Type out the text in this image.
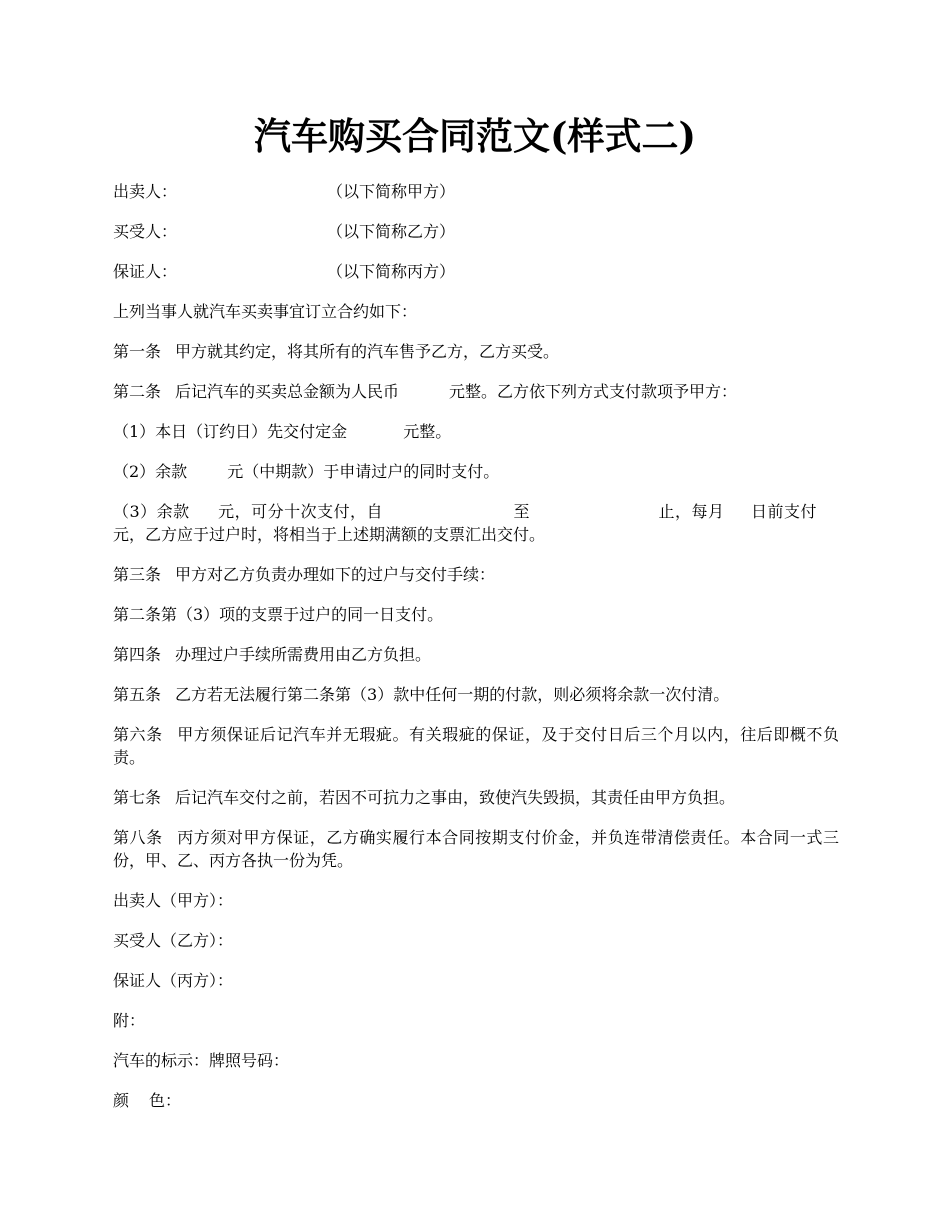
汽车购买合同范文(样式二)
出卖人：	（以下简称甲方）
买受人：	（以下简称乙方）
保证人：	（以下简称丙方）
上列当事人就汽车买卖事宜订立合约如下：
第一条 甲方就其约定，将其所有的汽车售予乙方，乙方买受。
第二条 后记汽车的买卖总金额为人民币	元整。乙方依下列方式支付款项予甲方：
（1）本日（订约日）先交付定金	元整。
（2）余款	元（中期款）于申请过户的同时支付。
（3）余款 元，可分十次支付，自	至	止，每月 日前支付元，乙方应于过户时，将相当于上述期满额的支票汇出交付。
第三条 甲方对乙方负责办理如下的过户与交付手续：
第二条第（3）项的支票于过户的同一日支付。
第四条 办理过户手续所需费用由乙方负担。
第五条 乙方若无法履行第二条第（3）款中任何一期的付款，则必须将余款一次付清。
第六条 甲方须保证后记汽车并无瑕疵。有关瑕疵的保证，及于交付日后三个月以内，往后即概不负责。
第七条 后记汽车交付之前，若因不可抗力之事由，致使汽失毁损，其责任由甲方负担。
第八条 丙方须对甲方保证，乙方确实履行本合同按期支付价金，并负连带清偿责任。本合同一式三份，甲、乙、丙方各执一份为凭。
出卖人（甲方）：
买受人（乙方）：
保证人（丙方）：
附：
汽车的标示：牌照号码：
颜 色：
